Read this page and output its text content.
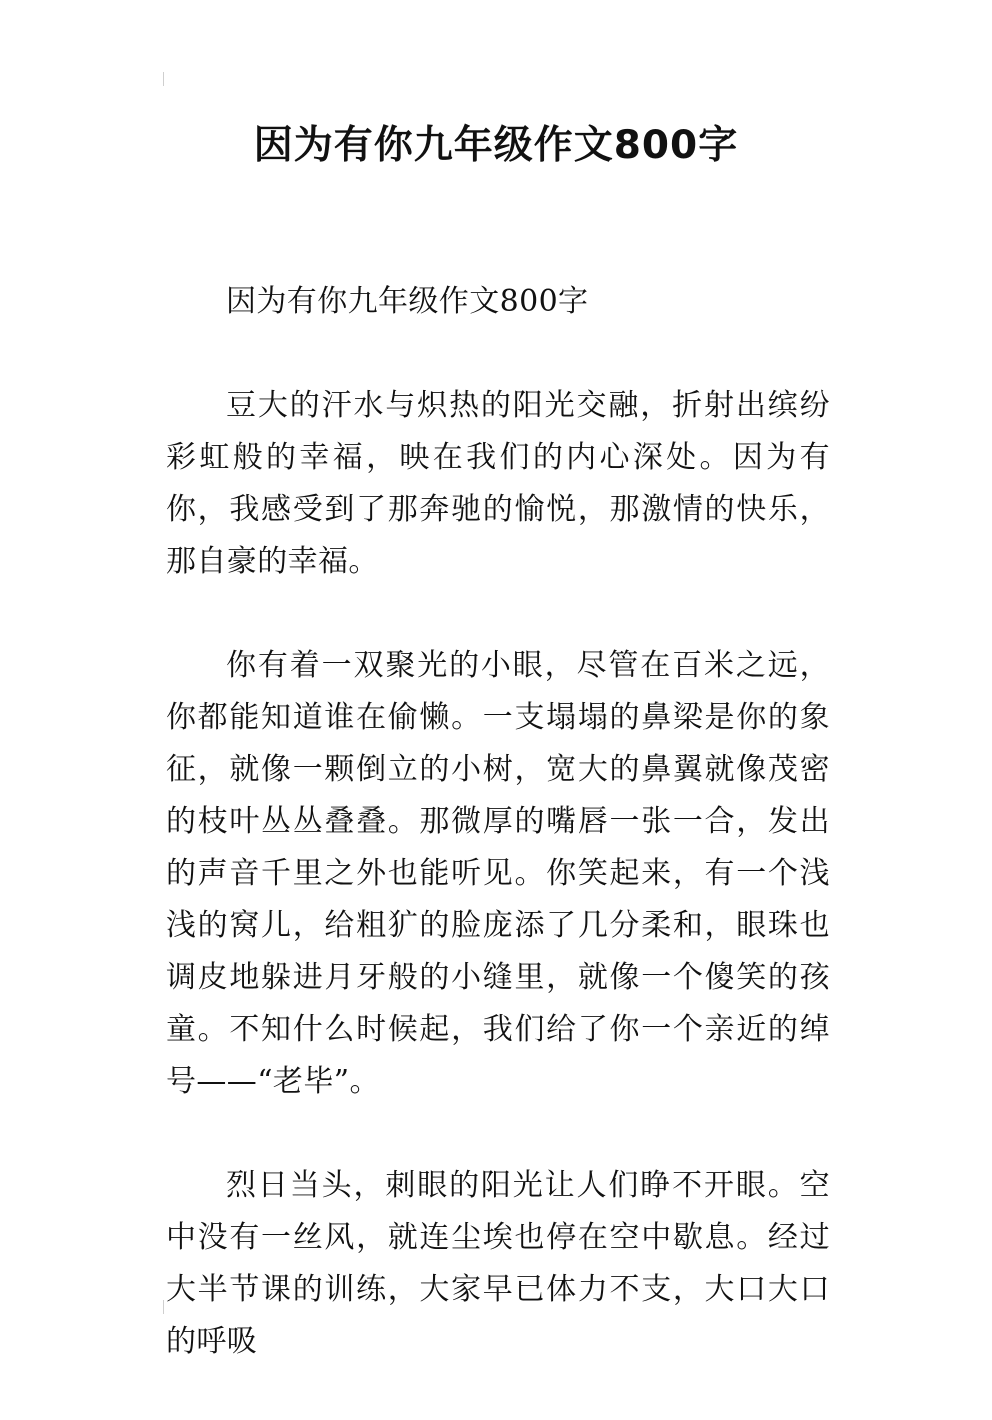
因为有你九年级作文800字

因为有你九年级作文800字

豆大的汗水与炽热的阳光交融，折射出缤纷彩虹般的幸福，映在我们的内心深处。因为有你，我感受到了那奔驰的愉悦，那激情的快乐，那自豪的幸福。

你有着一双聚光的小眼，尽管在百米之远，你都能知道谁在偷懒。一支塌塌的鼻梁是你的象征，就像一颗倒立的小树，宽大的鼻翼就像茂密的枝叶丛丛叠叠。那微厚的嘴唇一张一合，发出的声音千里之外也能听见。你笑起来，有一个浅浅的窝儿，给粗犷的脸庞添了几分柔和，眼珠也调皮地躲进月牙般的小缝里，就像一个傻笑的孩童。不知什么时候起，我们给了你一个亲近的绰号——“老毕”。

烈日当头，刺眼的阳光让人们睁不开眼。空中没有一丝风，就连尘埃也停在空中歇息。经过大半节课的训练，大家早已体力不支，大口大口的呼吸
